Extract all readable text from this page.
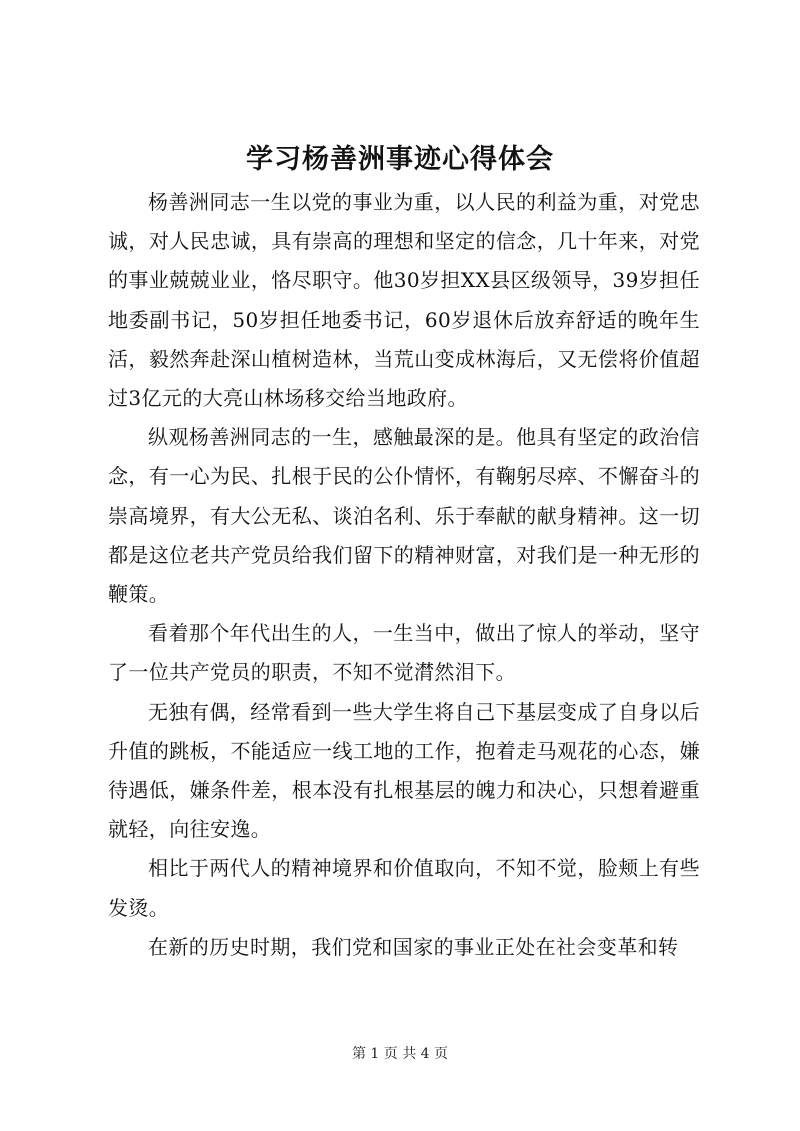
学习杨善洲事迹心得体会

杨善洲同志一生以党的事业为重，以人民的利益为重，对党忠诚，对人民忠诚，具有崇高的理想和坚定的信念，几十年来，对党的事业兢兢业业，恪尽职守。他30岁担XX县区级领导，39岁担任地委副书记，50岁担任地委书记，60岁退休后放弃舒适的晚年生活，毅然奔赴深山植树造林，当荒山变成林海后，又无偿将价值超过3亿元的大亮山林场移交给当地政府。

纵观杨善洲同志的一生，感触最深的是。他具有坚定的政治信念，有一心为民、扎根于民的公仆情怀，有鞠躬尽瘁、不懈奋斗的崇高境界，有大公无私、谈泊名利、乐于奉献的献身精神。这一切都是这位老共产党员给我们留下的精神财富，对我们是一种无形的鞭策。

看着那个年代出生的人，一生当中，做出了惊人的举动，坚守了一位共产党员的职责，不知不觉潸然泪下。

无独有偶，经常看到一些大学生将自己下基层变成了自身以后升值的跳板，不能适应一线工地的工作，抱着走马观花的心态，嫌待遇低，嫌条件差，根本没有扎根基层的魄力和决心，只想着避重就轻，向往安逸。

相比于两代人的精神境界和价值取向，不知不觉，脸颊上有些发烫。

在新的历史时期，我们党和国家的事业正处在社会变革和转

第 1 页 共 4 页
